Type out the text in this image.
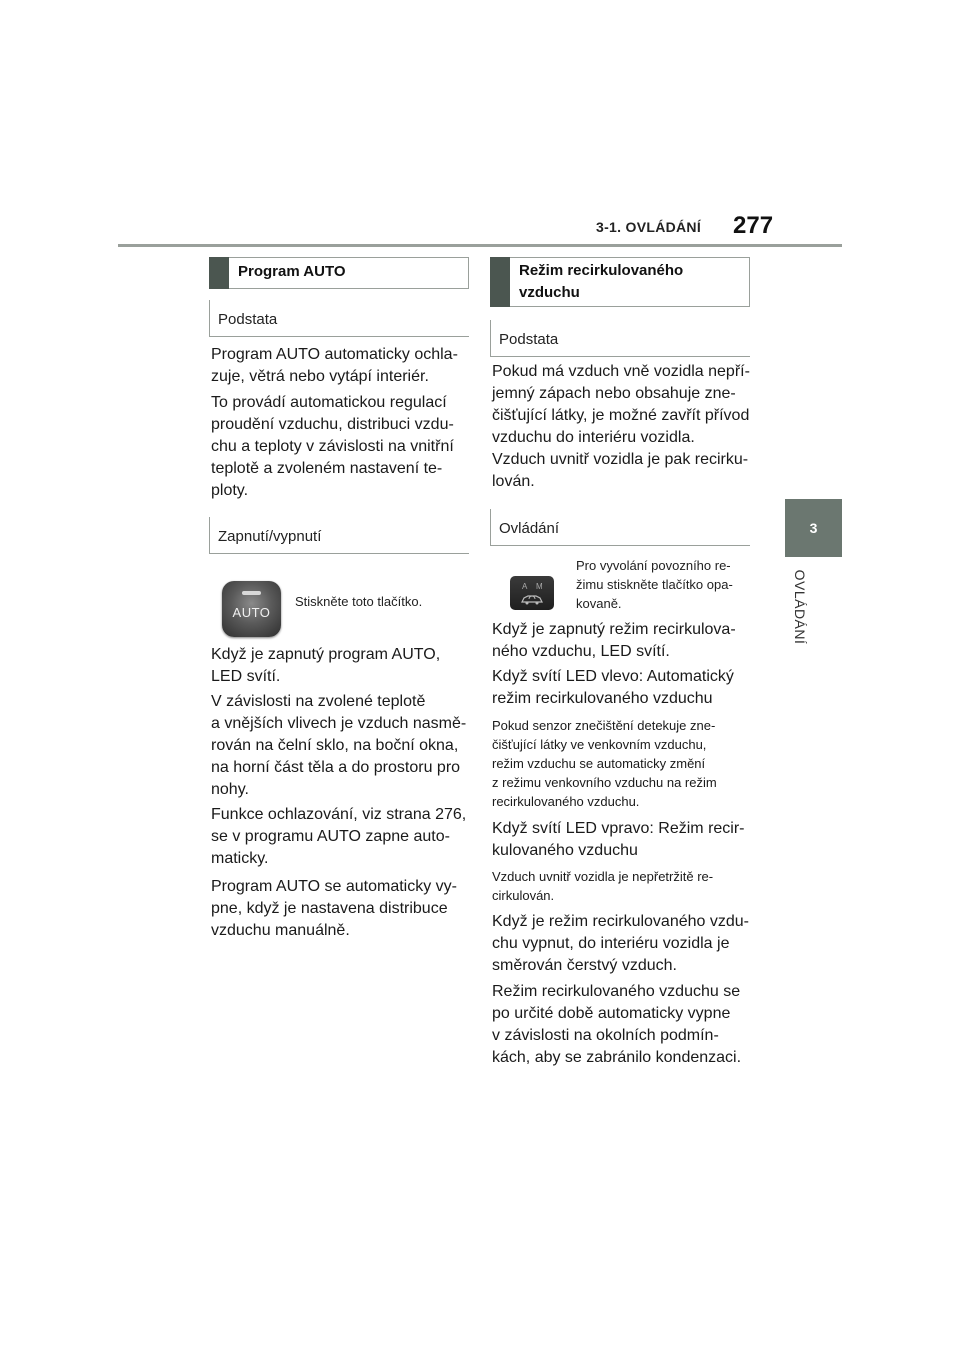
3-1. OVLÁDÁNÍ 277
3
OVLÁDÁNÍ
Program AUTO
Podstata
Program AUTO automaticky ochla-
zuje, větrá nebo vytápí interiér.
To provádí automatickou regulací
proudění vzduchu, distribuci vzdu-
chu a teploty v závislosti na vnitřní
teplotě a zvoleném nastavení te-
ploty.
Zapnutí/vypnutí
AUTO
Stiskněte toto tlačítko.
Když je zapnutý program AUTO,
LED svítí.
V závislosti na zvolené teplotě
a vnějších vlivech je vzduch nasmě-
rován na čelní sklo, na boční okna,
na horní část těla a do prostoru pro
nohy.
Funkce ochlazování, viz strana 276,
se v programu AUTO zapne auto-
maticky.
Program AUTO se automaticky vy-
pne, když je nastavena distribuce
vzduchu manuálně.
Režim recirkulovaného
vzduchu
Podstata
Pokud má vzduch vně vozidla nepří-
jemný zápach nebo obsahuje zne-
čišťující látky, je možné zavřít přívod
vzduchu do interiéru vozidla.
Vzduch uvnitř vozidla je pak recirku-
lován.
Ovládání
A M
Pro vyvolání povozního re-
žimu stiskněte tlačítko opa-
kovaně.
Když je zapnutý režim recirkulova-
ného vzduchu, LED svítí.
Když svítí LED vlevo: Automatický
režim recirkulovaného vzduchu
Pokud senzor znečištění detekuje zne-
čišťující látky ve venkovním vzduchu,
režim vzduchu se automaticky změní
z režimu venkovního vzduchu na režim
recirkulovaného vzduchu.
Když svítí LED vpravo: Režim recir-
kulovaného vzduchu
Vzduch uvnitř vozidla je nepřetržitě re-
cirkulován.
Když je režim recirkulovaného vzdu-
chu vypnut, do interiéru vozidla je
směrován čerstvý vzduch.
Režim recirkulovaného vzduchu se
po určité době automaticky vypne
v závislosti na okolních podmín-
kách, aby se zabránilo kondenzaci.
